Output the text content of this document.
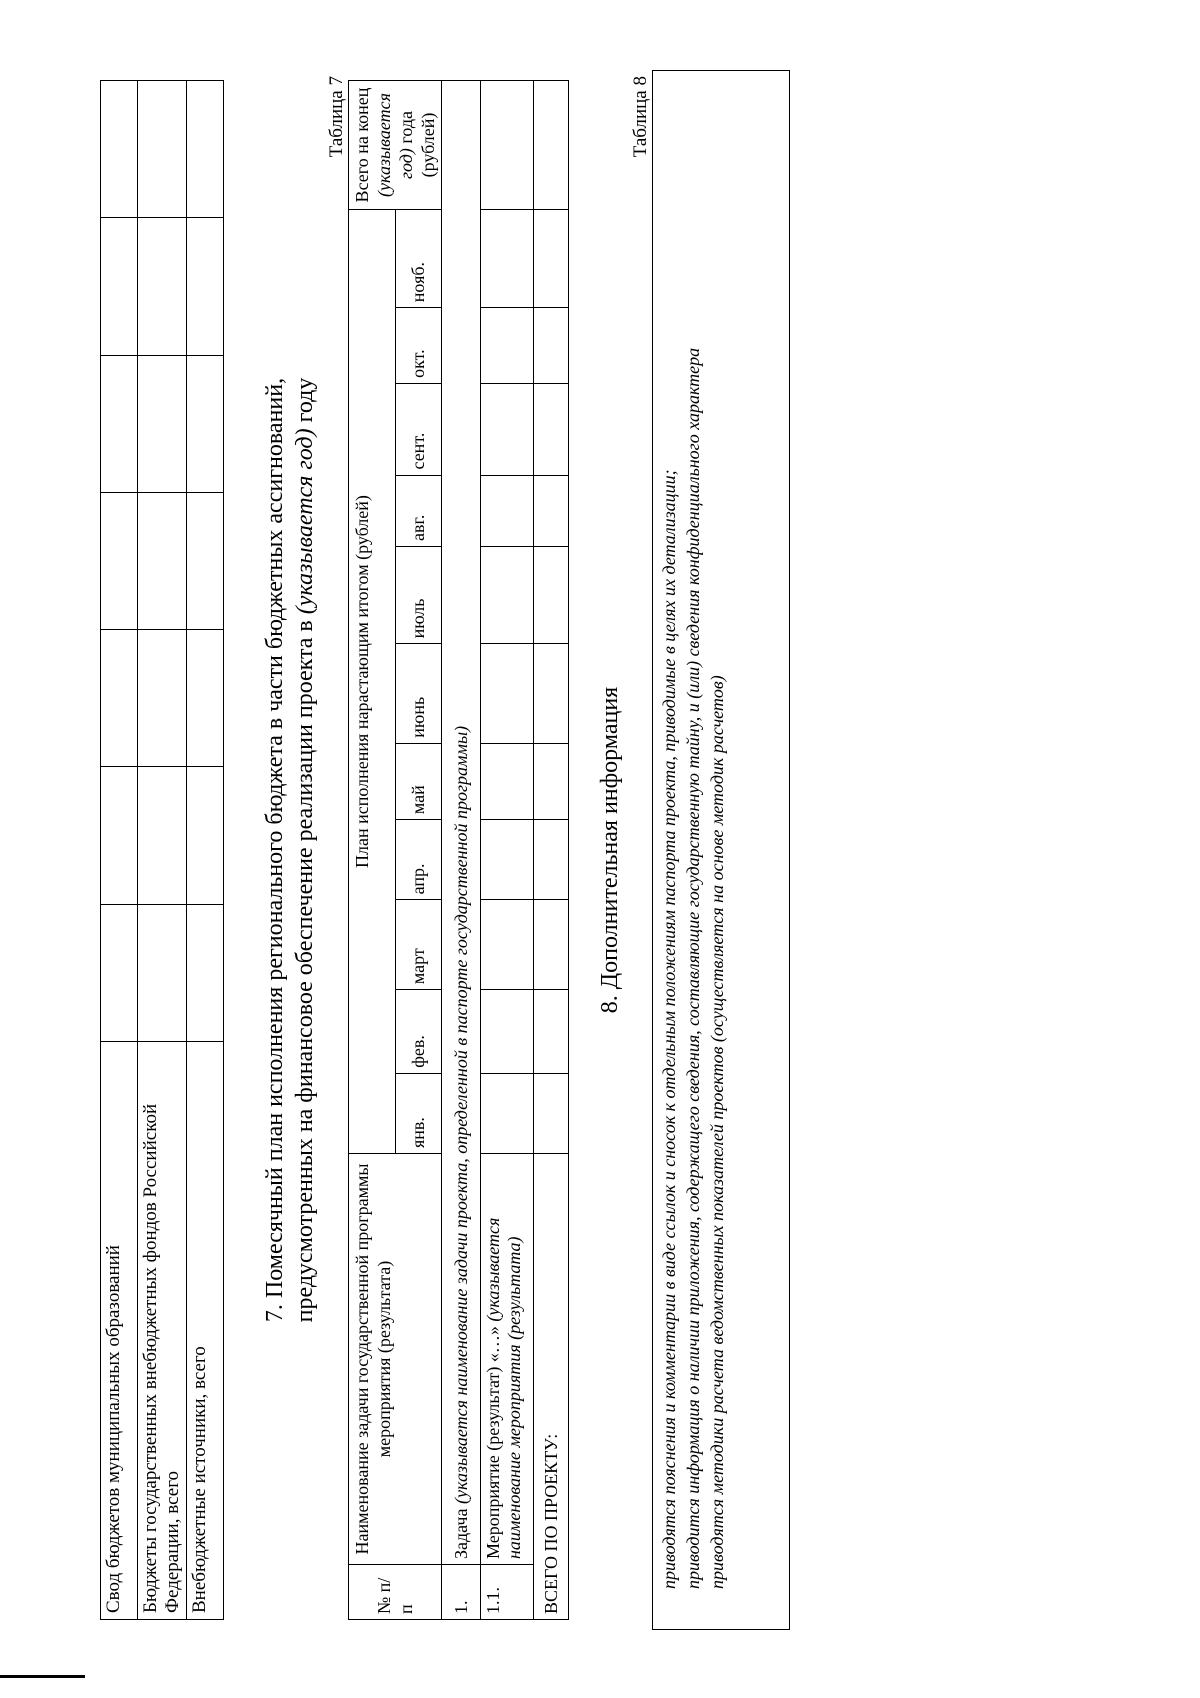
Свод бюджетов муниципальных образований							
Бюджеты государственных внебюджетных фондов Российской Федерации, всего							
Внебюджетные источники, всего							
7. Помесячный план исполнения регионального бюджета в части бюджетных ассигнований, предусмотренных на финансовое обеспечение реализации проекта в (указывается год) году
Таблица 7
№ п/п	Наименование задачи государственной программы мероприятия (результата)	План исполнения нарастающим итогом (рублей)											Всего на конец (указывается год) года (рублей)
		янв.	фев.	март	апр.	май	июнь	июль	авг.	сент.	окт.	нояб.	
1.	Задача (указывается наименование задачи проекта, определенной в паспорте государственной программы)												
1.1.	Мероприятие (результат) «…» (указывается наименование мероприятия (результата)												
ВСЕГО ПО ПРОЕКТУ:													
8. Дополнительная информация
Таблица 8

приводятся пояснения и комментарии в виде ссылок и сносок к отдельным положениям паспорта проекта, приводимые в целях их детализации; приводится информация о наличии приложения, содержащего сведения, составляющие государственную тайну, и (или) сведения конфиденциального характера приводятся методики расчета ведомственных показателей проектов (осуществляется на основе методик расчетов)
